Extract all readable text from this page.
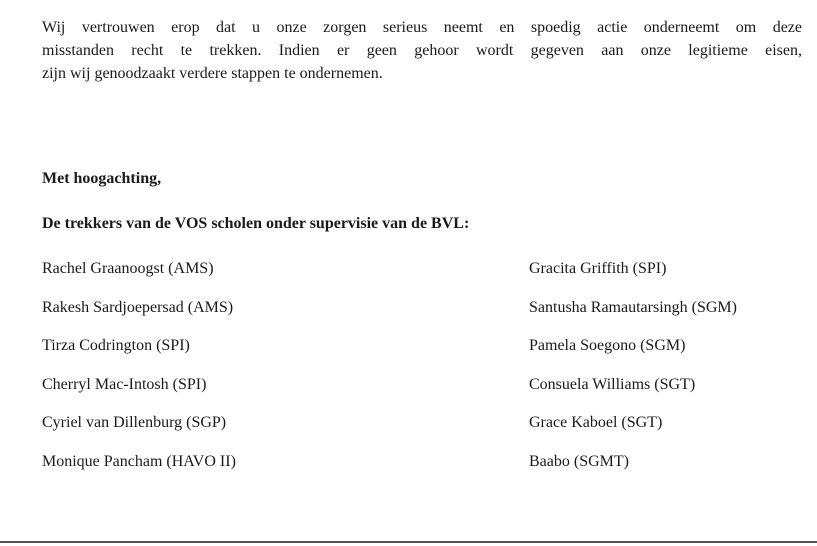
Wij vertrouwen erop dat u onze zorgen serieus neemt en spoedig actie onderneemt om deze
misstanden recht te trekken. Indien er geen gehoor wordt gegeven aan onze legitieme eisen,
zijn wij genoodzaakt verdere stappen te ondernemen.
Met hoogachting,
De trekkers van de VOS scholen onder supervisie van de BVL:
Rachel Graanoogst (AMS)
Rakesh Sardjoepersad (AMS)
Tirza Codrington (SPI)
Cherryl Mac-Intosh (SPI)
Cyriel van Dillenburg (SGP)
Monique Pancham (HAVO II)
Gracita Griffith (SPI)
Santusha Ramautarsingh (SGM)
Pamela Soegono (SGM)
Consuela Williams (SGT)
Grace Kaboel (SGT)
Baabo (SGMT)
